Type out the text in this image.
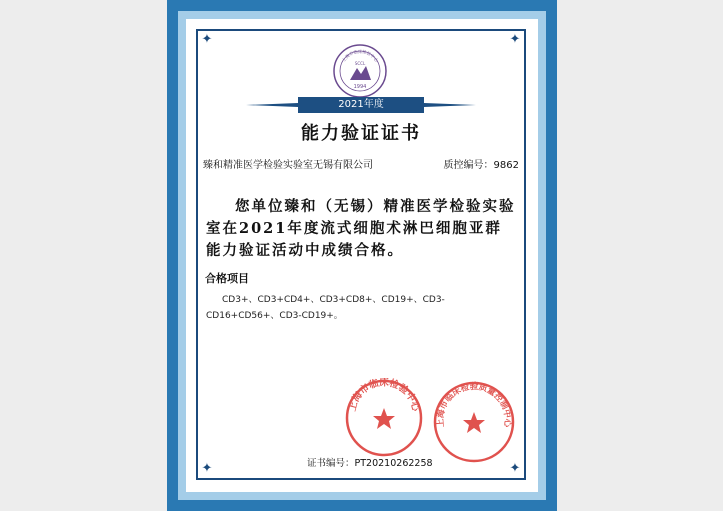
✦	✦
✦	✦
上海市临床检验中心
SCCL
1994
2021年度
能力验证证书
臻和精准医学检验实验室无锡有限公司	质控编号：9862
您单位臻和（无锡）精准医学检验实验室在2021年度流式细胞术淋巴细胞亚群能力验证活动中成绩合格。
合格项目
CD3+、CD3+CD4+、CD3+CD8+、CD19+、CD3-CD16+CD56+、CD3-CD19+。
上海市临床检验中心
上海市临床检验质量控制中心
证书编号：PT20210262258
